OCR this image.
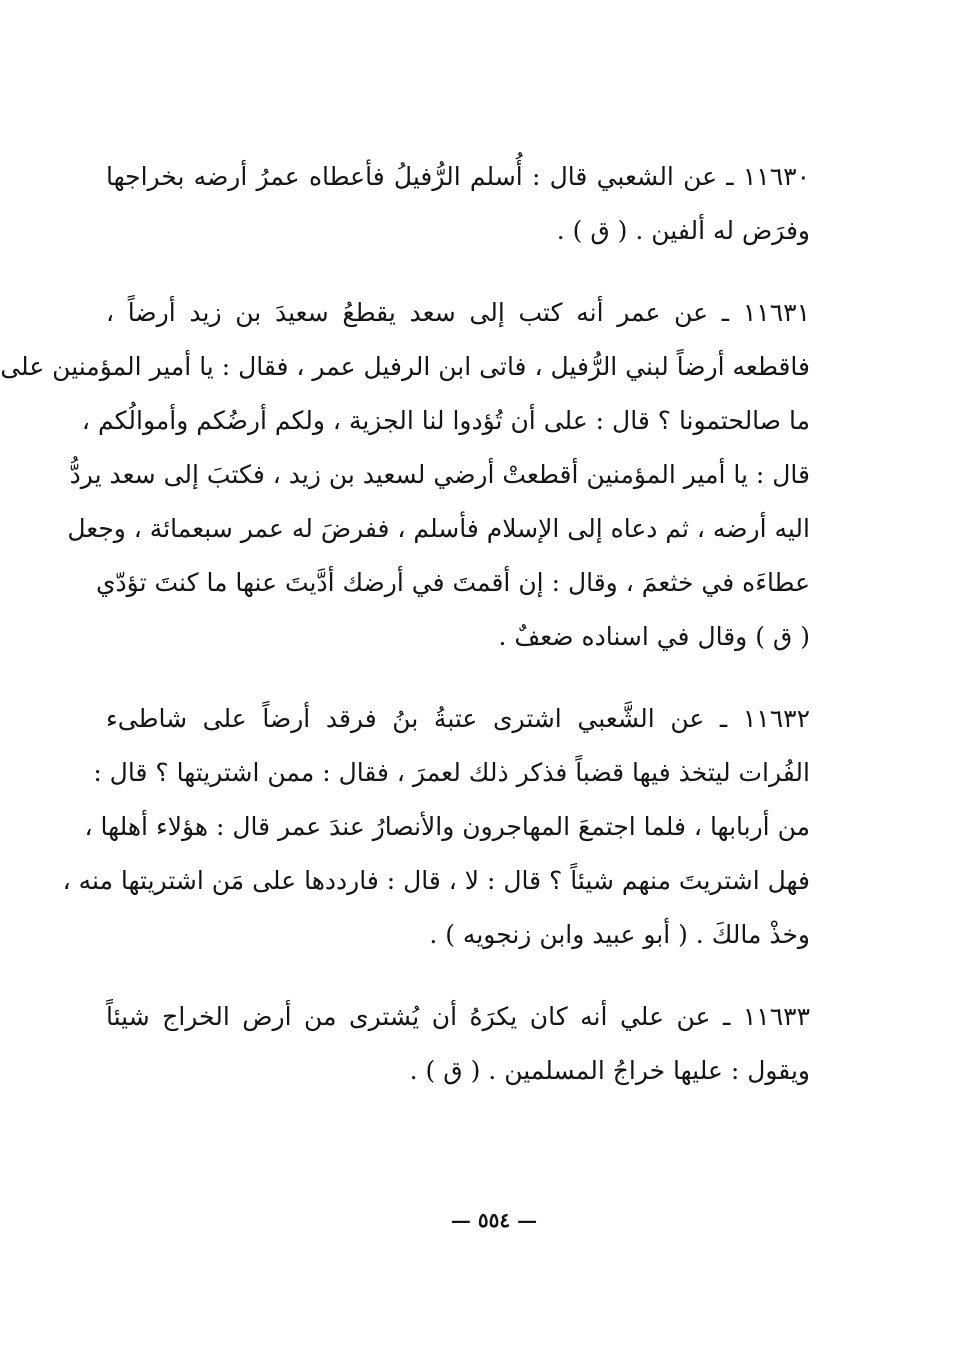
١١٦٣٠ ـ عن الشعبي قال : أُسلم الرُّفيلُ فأعطاه عمرُ أرضه بخراجها
وفرَض له ألفين . ( ق ) .
١١٦٣١ ـ عن عمر أنه كتب إلى سعد يقطعُ سعيدَ بن زيد أرضاً ،
فاقطعه أرضاً لبني الرُّفيل ، فاتى ابن الرفيل عمر ، فقال : يا أمير المؤمنين على
ما صالحتمونا ؟ قال : على أن تُؤدوا لنا الجزية ، ولكم أرضُكم وأموالُكم ،
قال : يا أمير المؤمنين أقطعتْ أرضي لسعيد بن زيد ، فكتبَ إلى سعد يردُّ
اليه أرضه ، ثم دعاه إلى الإسلام فأسلم ، ففرضَ له عمر سبعمائة ، وجعل
عطاءَه في خثعمَ ، وقال : إن أقمتَ في أرضك أدَّيتَ عنها ما كنتَ تؤدّي
( ق ) وقال في اسناده ضعفٌ .
١١٦٣٢ ـ عن الشَّعبي اشترى عتبةُ بنُ فرقد أرضاً على شاطىء
الفُرات ليتخذ فيها قضباً فذكر ذلك لعمرَ ، فقال : ممن اشتريتها ؟ قال :
من أربابها ، فلما اجتمعَ المهاجرون والأنصارُ عندَ عمر قال : هؤلاء أهلها ،
فهل اشتريتَ منهم شيئاً ؟ قال : لا ، قال : فارددها على مَن اشتريتها منه ،
وخذْ مالكَ . ( أبو عبيد وابن زنجويه ) .
١١٦٣٣ ـ عن علي أنه كان يكرَهُ أن يُشترى من أرض الخراج شيئاً
ويقول : عليها خراجُ المسلمين . ( ق ) .
— ٥٥٤ —
